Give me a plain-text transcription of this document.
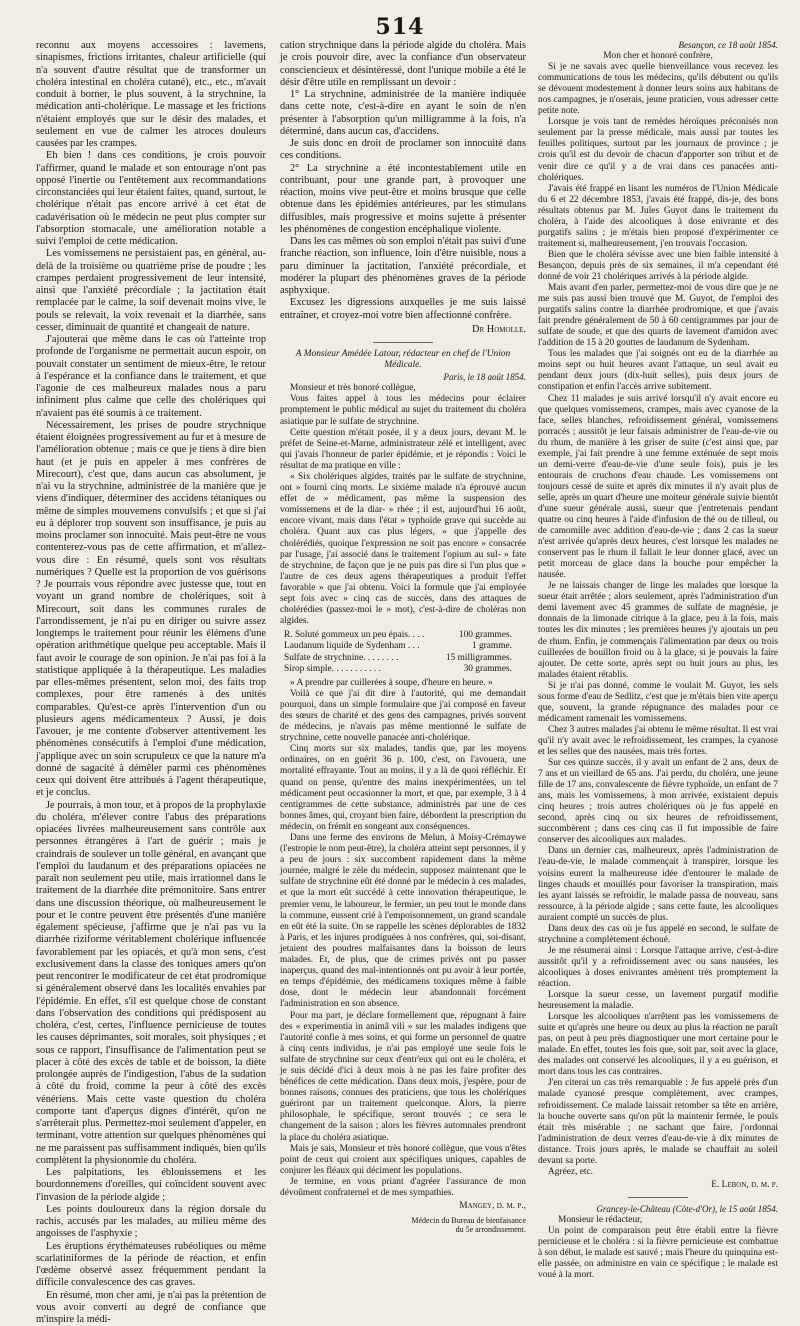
514

reconnu aux moyens accessoires : lavemens, sinapismes, frictions irritantes, chaleur artificielle (qui n'a souvent d'autre résultat que de transformer un choléra intestinal en choléra cutané), etc., etc., m'avait conduit à borner, le plus souvent, à la strychnine, la médication anti-cholérique. Le massage et les frictions n'étaient employés que sur le désir des malades, et seulement en vue de calmer les atroces douleurs causées par les crampes.

Eh bien ! dans ces conditions, je crois pouvoir l'affirmer, quand le malade et son entourage n'ont pas opposé l'inertie ou l'entêtement aux recommandations circonstanciées qui leur étaient faites, quand, surtout, le cholérique n'était pas encore arrivé à cet état de cadavérisation où le médecin ne peut plus compter sur l'absorption stomacale, une amélioration notable a suivi l'emploi de cette médication.

Les vomissemens ne persistaient pas, en général, au-delà de la troisième ou quatrième prise de poudre ; les crampes perdaient progressivement de leur intensité, ainsi que l'anxiété précordiale ; la jactitation était remplacée par le calme, la soif devenait moins vive, le pouls se relevait, la voix revenait et la diarrhée, sans cesser, diminuait de quantité et changeait de nature.

J'ajouterai que même dans le cas où l'atteinte trop profonde de l'organisme ne permettait aucun espoir, on pouvait constater un sentiment de mieux-être, le retour à l'espérance et la confiance dans le traitement, et que l'agonie de ces malheureux malades nous a paru infiniment plus calme que celle des cholériques qui n'avaient pas été soumis à ce traitement.

Nécessairement, les prises de poudre strychnique étaient éloignées progressivement au fur et à mesure de l'amélioration obtenue ; mais ce que je tiens à dire bien haut (et je puis en appeler à mes confrères de Mirecourt), c'est que, dans aucun cas absolument, je n'ai vu la strychnine, administrée de la manière que je viens d'indiquer, déterminer des accidens tétaniques ou même de simples mouvemens convulsifs ; et que si j'ai eu à déplorer trop souvent son insuffisance, je puis au moins proclamer son innocuité. Mais peut-être ne vous contenterez-vous pas de cette affirmation, et m'allez-vous dire : En résumé, quels sont vos résultats numériques ? Quelle est la proportion de vos guérisons ? Je pourrais vous répondre avec justesse que, tout en voyant un grand nombre de cholériques, soit à Mirecourt, soit dans les communes rurales de l'arrondissement, je n'ai pu en diriger ou suivre assez longtemps le traitement pour réunir les élémens d'une opération arithmétique quelque peu acceptable. Mais il faut avoir le courage de son opinion. Je n'ai pas foi à la statistique appliquée à la thérapeutique. Les maladies par elles-mêmes présentent, selon moi, des faits trop complexes, pour être ramenés à des unités comparables. Qu'est-ce après l'intervention d'un ou plusieurs agens médicamenteux ? Aussi, je dois l'avouer, je me contente d'observer attentivement les phénomènes consécutifs à l'emploi d'une médication, j'applique avec un soin scrupuleux ce que la nature m'a donné de sagacité à démêler parmi ces phénomènes ceux qui doivent être attribués à l'agent thérapeutique, et je conclus.

Je pourrais, à mon tour, et à propos de la prophylaxie du choléra, m'élever contre l'abus des préparations opiacées livrées malheureusement sans contrôle aux personnes étrangères à l'art de guérir ; mais je craindrais de soulever un tolle général, en avançant que l'emploi du laudanum et des préparations opiacées ne paraît non seulement peu utile, mais irrationnel dans le traitement de la diarrhée dite prémonitoire. Sans entrer dans une discussion théorique, où malheureusement le pour et le contre peuvent être présentés d'une manière également spécieuse, j'affirme que je n'ai pas vu la diarrhée riziforme véritablement cholérique influencée favorablement par les opiacés, et qu'à mon sens, c'est exclusivement dans la classe des toniques amers qu'on peut rencontrer le modificateur de cet état prodromique si généralement observé dans les localités envahies par l'épidémie. En effet, s'il est quelque chose de constant dans l'observation des conditions qui prédisposent au choléra, c'est, certes, l'influence pernicieuse de toutes les causes déprimantes, soit morales, soit physiques ; et sous ce rapport, l'insuffisance de l'alimentation peut se placer à côté des excès de table et de boisson, la diète prolongée auprès de l'indigestion, l'abus de la sudation à côté du froid, comme la peur à côté des excès vénériens. Mais cette vaste question du choléra comporte tant d'aperçus dignes d'intérêt, qu'on ne s'arrêterait plus. Permettez-moi seulement d'appeler, en terminant, votre attention sur quelques phénomènes qui ne me paraissent pas suffisamment indiqués, bien qu'ils complètent la physionomie du choléra.

Les palpitations, les éblouissemens et les bourdonnemens d'oreilles, qui coïncident souvent avec l'invasion de la période algide ;

Les points douloureux dans la région dorsale du rachis, accusés par les malades, au milieu même des angoisses de l'asphyxie ;

Les éruptions érythémateuses rubéoliques ou même scarlatiniformes de la période de réaction, et enfin l'œdème observé assez fréquemment pendant la difficile convalescence des cas graves.

En résumé, mon cher ami, je n'ai pas la prétention de vous avoir converti au degré de confiance que m'inspire la médi-

cation strychnique dans la période algide du choléra. Mais je crois pouvoir dire, avec la confiance d'un observateur consciencieux et désintéressé, dont l'unique mobile a été le désir d'être utile en remplissant un devoir :

1° La strychnine, administrée de la manière indiquée dans cette note, c'est-à-dire en ayant le soin de n'en présenter à l'absorption qu'un milligramme à la fois, n'a déterminé, dans aucun cas, d'accidens.

Je suis donc en droit de proclamer son innocuité dans ces conditions.

2° La strychnine a été incontestablement utile en contribuant, pour une grande part, à provoquer une réaction, moins vive peut-être et moins brusque que celle obtenue dans les épidémies antérieures, par les stimulans diffusibles, mais progressive et moins sujette à présenter les phénomènes de congestion encéphalique violente.

Dans les cas mêmes où son emploi n'était pas suivi d'une franche réaction, son influence, loin d'être nuisible, nous a paru diminuer la jactitation, l'anxiété précordiale, et modérer la plupart des phénomènes graves de la période asphyxique.

Excusez les digressions auxquelles je me suis laissé entraîner, et croyez-moi votre bien affectionné confrère.

Dr Homolle.
A Monsieur Amédée Latour, rédacteur en chef de l'Union Médicale.
Paris, le 18 août 1854.

Monsieur et très honoré collègue,

Vous faites appel à tous les médecins pour éclairer promptement le public médical au sujet du traitement du choléra asiatique par le sulfate de strychnine.

Cette question m'était posée, il y a deux jours, devant M. le préfet de Seine-et-Marne, administrateur zélé et intelligent, avec qui j'avais l'honneur de parler épidémie, et je répondis : Voici le résultat de ma pratique en ville :

« Six cholériques algides, traités par le sulfate de strychnine, ont » fourni cinq morts. Le sixième malade n'a éprouvé aucun effet de » médicament, pas même la suspension des vomissemens et de la diar- » rhée ; il est, aujourd'hui 16 août, encore vivant, mais dans l'état » typhoïde grave qui succède au choléra. Quant aux cas plus légers, » que j'appelle des cholérédiés, quoique l'expression ne soit pas encore » consacrée par l'usage, j'ai associé dans le traitement l'opium au sul- » fate de strychnine, de façon que je ne puis pas dire si l'un plus que » l'autre de ces deux agens thérapeutiques a produit l'effet favorable » que j'ai obtenu. Voici la formule que j'ai employée sept fois avec » cinq cas de succès, dans des attaques de cholérédies (passez-moi le » mot), c'est-à-dire de choléras non algides.

R. Soluté gommeux un peu épais. . . .	100 grammes.
Laudanum liquide de Sydenham . . .	1 gramme.
Sulfate de strychnine. . . . . . . .	15 milligrammes.
Sirop simple. . . . . . . . . . .	30 grammes.

» A prendre par cuillerées à soupe, d'heure en heure. »

Voilà ce que j'ai dit dire à l'autorité, qui me demandait pourquoi, dans un simple formulaire que j'ai composé en faveur des sœurs de charité et des gens des campagnes, privés souvent de médecins, je n'avais pas même mentionné le sulfate de strychnine, cette nouvelle panacée anti-cholérique.

Cinq morts sur six malades, tandis que, par les moyens ordinaires, on en guérit 36 p. 100, c'est, on l'avouera, une mortalité effrayante. Tout au moins, il y a là de quoi réfléchir. Et quand on pense, qu'entre des mains inexpérimentées, un tel médicament peut occasionner la mort, et que, par exemple, 3 à 4 centigrammes de cette substance, administrés par une de ces bonnes âmes, qui, croyant bien faire, débordent la prescription du médecin, on frémit en songeant aux conséquences.

Dans une ferme des environs de Melun, à Moisy-Crémaywe (l'estropie le nom peut-être), la choléra atteint sept personnes, il y a peu de jours : six succombent rapidement dans la même journée, malgré le zèle du médecin, supposez maintenant que le sulfate de strychnine eût été donné par le médecin à ces malades, et que la mort eût succédé à cette innovation thérapeutique, le premier venu, le laboureur, le fermier, un peu tout le monde dans la commune, eussent crié à l'empoisonnement, un grand scandale en eût été la suite. On se rappelle les scènes déplorables de 1832 à Paris, et les injures prodiguées à nos confrères, qui, soi-disant, jetaient des poudres malfaisantes dans la boisson de leurs malades. Et, de plus, que de crimes privés ont pu passer inaperçus, quand des mal-intentionnés ont pu avoir à leur portée, en temps d'épidémie, des médicamens toxiques même à faible dose, dont le médecin leur abandonnait forcément l'administration en son absence.

Pour ma part, je déclare formellement que, répugnant à faire des « experimentia in animâ vili » sur les malades indigens que l'autorité confie à mes soins, et qui forme un personnel de quatre à cinq cents individus, je n'ai pas employé une seule fois le sulfate de strychnine sur ceux d'entr'eux qui ont eu le choléra, et je suis décidé d'ici à deux mois à ne pas les faire profiter des bénéfices de cette médication. Dans deux mois, j'espère, pour de bonnes raisons, connues des praticiens, que tous les cholériques guériront par un traitement quelconque. Alors, la pierre philosophale, le spécifique, seront trouvés ; ce sera le changement de la saison ; alors les fièvres automnales prendront la place du choléra asiatique.

Mais je sais, Monsieur et très honoré collègue, que vous n'êtes point de ceux qui croient aux spécifiques uniques, capables de conjurer les fléaux qui déciment les populations.

Je termine, en vous priant d'agréer l'assurance de mon dévoûment confraternel et de mes sympathies.

Mangey, d. m. p.,
Médecin du Bureau de bienfaisance
du 5e arrondissement.
Besançon, ce 18 août 1854.

Mon cher et honoré confrère,

Si je ne savais avec quelle bienveillance vous recevez les communications de tous les médecins, qu'ils débutent ou qu'ils se dévouent modestement à donner leurs soins aux habitans de nos campagnes, je n'oserais, jeune praticien, vous adresser cette petite note.

Lorsque je vois tant de remèdes héroïques préconisés non seulement par la presse médicale, mais aussi par toutes les feuilles politiques, surtout par les journaux de province ; je crois qu'il est du devoir de chacun d'apporter son tribut et de venir dire ce qu'il y a de vrai dans ces panacées anti-cholériques.

J'avais été frappé en lisant les numéros de l'Union Médicale du 6 et 22 décembre 1853, j'avais été frappé, dis-je, des bons résultats obtenus par M. Jules Guyot dans le traitement du choléra, à l'aide des alcooliques à dose enivrante et des purgatifs salins ; je m'étais bien proposé d'expérimenter ce traitement si, malheureusement, j'en trouvais l'occasion.

Bien que le choléra sévisse avec une bien faible intensité à Besançon, depuis près de six semaines, il m'a cependant été donné de voir 21 cholériques arrivés à la période algide.

Mais avant d'en parler, permettez-moi de vous dire que je ne me suis pas aussi bien trouvé que M. Guyot, de l'emploi des purgatifs salins contre la diarrhée prodromique, et que j'avais fait prendre généralement de 50 à 60 centigrammes par jour de sulfate de soude, et que des quarts de lavement d'amidon avec l'addition de 15 à 20 gouttes de laudanum de Sydenham.

Tous les malades que j'ai soignés ont eu de la diarrhée au moins sept ou huit heures avant l'attaque, un seul avait eu pendant deux jours (dix-huit selles), puis deux jours de constipation et enfin l'accès arrive subitement.

Chez 11 malades je suis arrivé lorsqu'il n'y avait encore eu que quelques vomissemens, crampes, mais avec cyanose de la face, selles blanches, refroidissement général, vomissemens porracés ; aussitôt je leur faisais administrer de l'eau-de-vie ou du rhum, de manière à les griser de suite (c'est ainsi que, par exemple, j'ai fait prendre à une femme exténuée de sept mois un demi-verre d'eau-de-vie d'une seule fois), puis je les entourais de cruchons d'eau chaude. Les vomissemens ont toujours cessé de suite et après dix minutes il n'y avait plus de selle, après un quart d'heure une moiteur générale suivie bientôt d'une sueur générale aussi, sueur que j'entretenais pendant quatre ou cinq heures à l'aide d'infusion de thé ou de tilleul, ou de camomille avec addition d'eau-de-vie ; dans 2 cas la sueur n'est arrivée qu'après deux heures, c'est lorsque les malades ne conservent pas le rhum il fallait le leur donner glacé, avec un petit morceau de glace dans la bouche pour empêcher la nausée.

Je ne laissais changer de linge les malades que lorsque la sueur était arrêtée ; alors seulement, après l'administration d'un demi lavement avec 45 grammes de sulfate de magnésie, je donnais de la limonade citrique à la glace, peu à la fois, mais toutes les dix minutes ; les premières heures j'y ajoutais un peu de rhum. Enfin, je commençais l'alimentation par deux ou trois cuillerées de bouillon froid ou à la glace, si je pouvais la faire ajouter. De cette sorte, après sept ou huit jours au plus, les malades étaient rétablis.

Si je n'ai pas donné, comme le voulait M. Guyot, les sels sous forme d'eau de Sedlitz, c'est que je m'étais bien vite aperçu que, souvent, la grande répugnance des malades pour ce médicament ramenait les vomissemens.

Chez 3 autres malades j'ai obtenu le même résultat. Il est vrai qu'il n'y avait avec le refroidissement, les crampes, la cyanose et les selles que des nausées, mais très fortes.

Sur ces quinze succès, il y avait un enfant de 2 ans, deux de 7 ans et un vieillard de 65 ans. J'ai perdu, du choléra, une jeune fille de 17 ans, convalescente de fièvre typhoïde, un enfant de 7 ans, mais les vomissemens, à mon arrivée, existaient depuis cinq heures ; trois autres cholériques où je fus appelé en second, après cinq ou six heures de refroidissement, succombèrent ; dans ces cinq cas il fut impossible de faire conserver des alcooliques aux malades.

Dans un dernier cas, malheureux, après l'administration de l'eau-de-vie, le malade commençait à transpirer, lorsque les voisins eurent la malheureuse idée d'entourer le malade de linges chauds et mouillés pour favoriser la transpiration, mais les ayant laissés se refroidir, le malade passa de nouveau, sans ressource, à la période algide ; sans cette faute, les alcooliques auraient compté un succès de plus.

Dans deux des cas où je fus appelé en second, le sulfate de strychnine a complètement échoué.

Je me résumerai ainsi : Lorsque l'attaque arrive, c'est-à-dire aussitôt qu'il y a refroidissement avec ou sans nausées, les alcooliques à doses enivrantes amènent très promptement la réaction.

Lorsque la sueur cesse, un lavement purgatif modifie heureusement la maladie.

Lorsque les alcooliques n'arrêtent pas les vomissemens de suite et qu'après une heure ou deux au plus la réaction ne paraît pas, on peut à peu près diagnostiquer une mort certaine pour le malade. En effet, toutes les fois que, soit par, soit avec la glace, des malades ont conservé les alcooliques, il y a eu guérison, et mort dans tous les cas contraires.

J'en citerai un cas très remarquable : Je fus appelé près d'un malade cyanosé presque complètement, avec crampes, refroidissement. Ce malade laissait retomber sa tête en arrière, la bouche ouverte sans qu'on pût la maintenir fermée, le pouls était très misérable ; ne sachant que faire, j'ordonnai l'administration de deux verres d'eau-de-vie à dix minutes de distance. Trois jours après, le malade se chauffait au soleil devant sa porte.

Agréez, etc.

E. Lebon, d. m. p.
Grancey-le-Château (Côte-d'Or), le 15 août 1854.

Monsieur le rédacteur,

Un point de comparaison peut être établi entre la fièvre pernicieuse et le choléra : si la fièvre pernicieuse est combattue à son début, le malade est sauvé ; mais l'heure du quinquina est-elle passée, on administre en vain ce spécifique ; le malade est voué à la mort.
